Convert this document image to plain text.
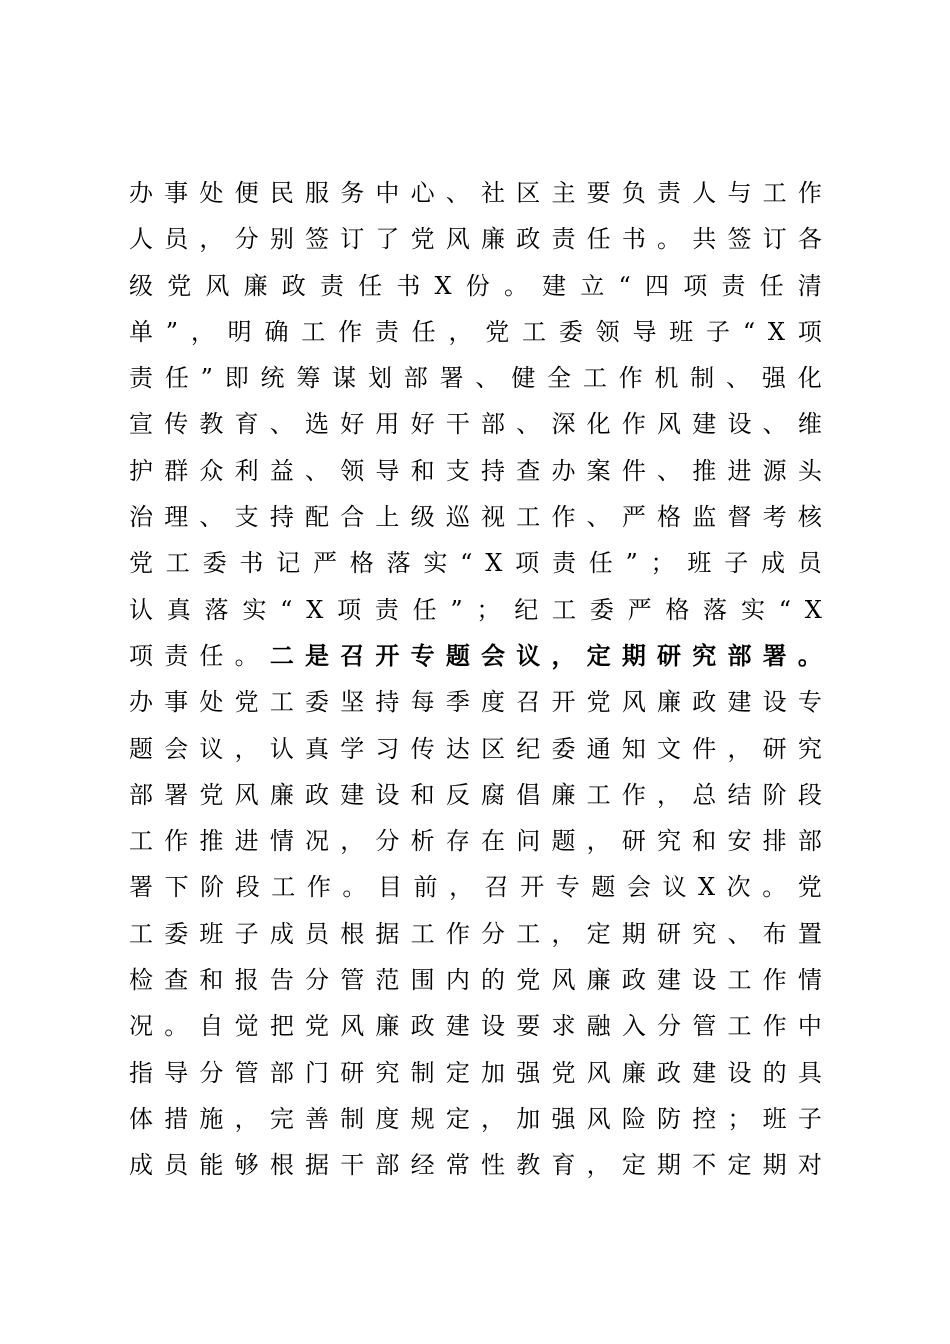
办 事 处 便 民 服 务 中 心 、 社 区 主 要 负 责 人 与 工 作
人 员 ， 分 别 签 订 了 党 风 廉 政 责 任 书 。 共 签 订 各
级 党 风 廉 政 责 任 书 X 份 。 建 立 “ 四 项 责 任 清
单 ” ， 明 确 工 作 责 任 ， 党 工 委 领 导 班 子 “ X 项
责 任 ” 即 统 筹 谋 划 部 署 、 健 全 工 作 机 制 、 强 化
宣 传 教 育 、 选 好 用 好 干 部 、 深 化 作 风 建 设 、 维
护 群 众 利 益 、 领 导 和 支 持 查 办 案 件 、 推 进 源 头
治 理 、 支 持 配 合 上 级 巡 视 工 作 、 严 格 监 督 考 核
党 工 委 书 记 严 格 落 实 “ X 项 责 任 ” ； 班 子 成 员
认 真 落 实 “ X 项 责 任 ” ； 纪 工 委 严 格 落 实 “ X
项 责 任 。 二 是 召 开 专 题 会 议 ， 定 期 研 究 部 署 。
办 事 处 党 工 委 坚 持 每 季 度 召 开 党 风 廉 政 建 设 专
题 会 议 ， 认 真 学 习 传 达 区 纪 委 通 知 文 件 ， 研 究
部 署 党 风 廉 政 建 设 和 反 腐 倡 廉 工 作 ， 总 结 阶 段
工 作 推 进 情 况 ， 分 析 存 在 问 题 ， 研 究 和 安 排 部
署 下 阶 段 工 作 。 目 前 ， 召 开 专 题 会 议 X 次 。 党
工 委 班 子 成 员 根 据 工 作 分 工 ， 定 期 研 究 、 布 置
检 查 和 报 告 分 管 范 围 内 的 党 风 廉 政 建 设 工 作 情
况 。 自 觉 把 党 风 廉 政 建 设 要 求 融 入 分 管 工 作 中
指 导 分 管 部 门 研 究 制 定 加 强 党 风 廉 政 建 设 的 具
体 措 施 ， 完 善 制 度 规 定 ， 加 强 风 险 防 控 ； 班 子
成 员 能 够 根 据 干 部 经 常 性 教 育 ， 定 期 不 定 期 对
